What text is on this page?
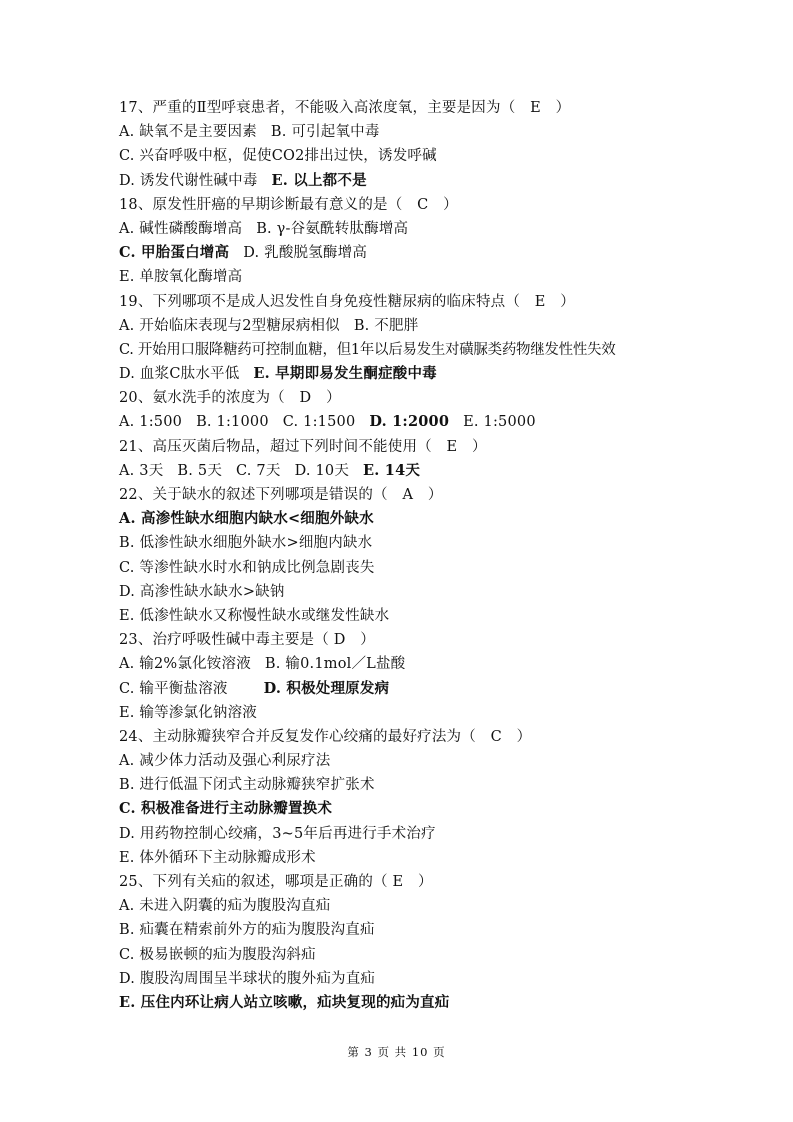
17、严重的Ⅱ型呼衰患者，不能吸入高浓度氧，主要是因为（　E　）
A. 缺氧不是主要因素 B. 可引起氧中毒
C. 兴奋呼吸中枢，促使CO2排出过快，诱发呼碱
D. 诱发代谢性碱中毒 E. 以上都不是
18、原发性肝癌的早期诊断最有意义的是（　C　）
A. 碱性磷酸酶增高 B. γ-谷氨酰转肽酶增高
C. 甲胎蛋白增高 D. 乳酸脱氢酶增高
E. 单胺氧化酶增高
19、下列哪项不是成人迟发性自身免疫性糖尿病的临床特点（　E　）
A. 开始临床表现与2型糖尿病相似 B. 不肥胖
C. 开始用口服降糖药可控制血糖，但1年以后易发生对磺脲类药物继发性性失效
D. 血浆C肽水平低 E. 早期即易发生酮症酸中毒
20、氨水洗手的浓度为（　D　）
A. 1:500 B. 1:1000 C. 1:1500 D. 1:2000 E. 1:5000
21、高压灭菌后物品，超过下列时间不能使用（　E　）
A. 3天 B. 5天 C. 7天 D. 10天 E. 14天
22、关于缺水的叙述下列哪项是错误的（　A　）
A. 高渗性缺水细胞内缺水<细胞外缺水
B. 低渗性缺水细胞外缺水>细胞内缺水
C. 等渗性缺水时水和钠成比例急剧丧失
D. 高渗性缺水缺水>缺钠
E. 低渗性缺水又称慢性缺水或继发性缺水
23、治疗呼吸性碱中毒主要是（ D　）
A. 输2%氯化铵溶液 B. 输0.1mol／L盐酸
C. 输平衡盐溶液 D. 积极处理原发病
E. 输等渗氯化钠溶液
24、主动脉瓣狭窄合并反复发作心绞痛的最好疗法为（　C　）
A. 减少体力活动及强心利尿疗法
B. 进行低温下闭式主动脉瓣狭窄扩张术
C. 积极准备进行主动脉瓣置换术
D. 用药物控制心绞痛，3~5年后再进行手术治疗
E. 体外循环下主动脉瓣成形术
25、下列有关疝的叙述，哪项是正确的（ E　）
A. 未进入阴囊的疝为腹股沟直疝
B. 疝囊在精索前外方的疝为腹股沟直疝
C. 极易嵌顿的疝为腹股沟斜疝
D. 腹股沟周围呈半球状的腹外疝为直疝
E. 压住内环让病人站立咳嗽，疝块复现的疝为直疝
第 3 页 共 10 页
